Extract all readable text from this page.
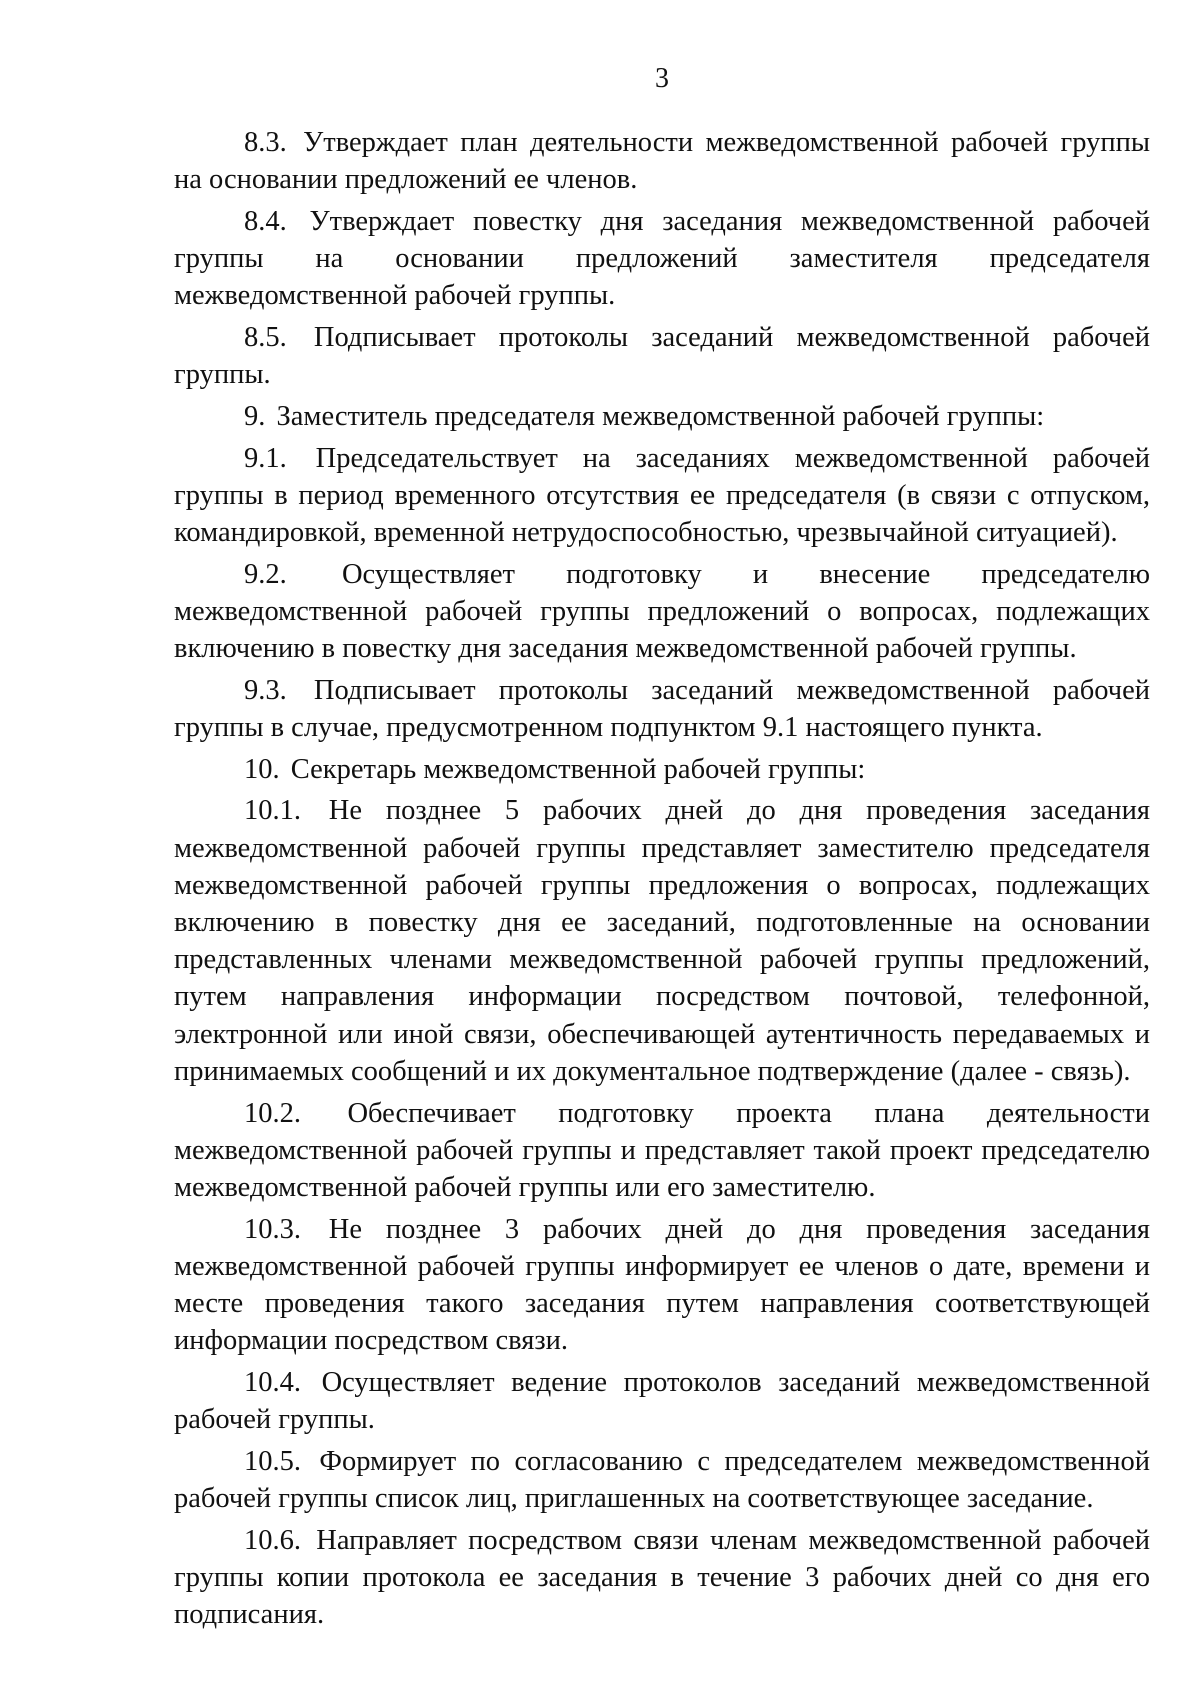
3

8.3. Утверждает план деятельности межведомственной рабочей группы на основании предложений ее членов.

8.4. Утверждает повестку дня заседания межведомственной рабочей группы на основании предложений заместителя председателя межведомственной рабочей группы.

8.5. Подписывает протоколы заседаний межведомственной рабочей группы.

9. Заместитель председателя межведомственной рабочей группы:

9.1. Председательствует на заседаниях межведомственной рабочей группы в период временного отсутствия ее председателя (в связи с отпуском, командировкой, временной нетрудоспособностью, чрезвычайной ситуацией).

9.2. Осуществляет подготовку и внесение председателю межведомственной рабочей группы предложений о вопросах, подлежащих включению в повестку дня заседания межведомственной рабочей группы.

9.3. Подписывает протоколы заседаний межведомственной рабочей группы в случае, предусмотренном подпунктом 9.1 настоящего пункта.

10. Секретарь межведомственной рабочей группы:

10.1. Не позднее 5 рабочих дней до дня проведения заседания межведомственной рабочей группы представляет заместителю председателя межведомственной рабочей группы предложения о вопросах, подлежащих включению в повестку дня ее заседаний, подготовленные на основании представленных членами межведомственной рабочей группы предложений, путем направления информации посредством почтовой, телефонной, электронной или иной связи, обеспечивающей аутентичность передаваемых и принимаемых сообщений и их документальное подтверждение (далее - связь).

10.2. Обеспечивает подготовку проекта плана деятельности межведомственной рабочей группы и представляет такой проект председателю межведомственной рабочей группы или его заместителю.

10.3. Не позднее 3 рабочих дней до дня проведения заседания межведомственной рабочей группы информирует ее членов о дате, времени и месте проведения такого заседания путем направления соответствующей информации посредством связи.

10.4. Осуществляет ведение протоколов заседаний межведомственной рабочей группы.

10.5. Формирует по согласованию с председателем межведомственной рабочей группы список лиц, приглашенных на соответствующее заседание.

10.6. Направляет посредством связи членам межведомственной рабочей группы копии протокола ее заседания в течение 3 рабочих дней со дня его подписания.
